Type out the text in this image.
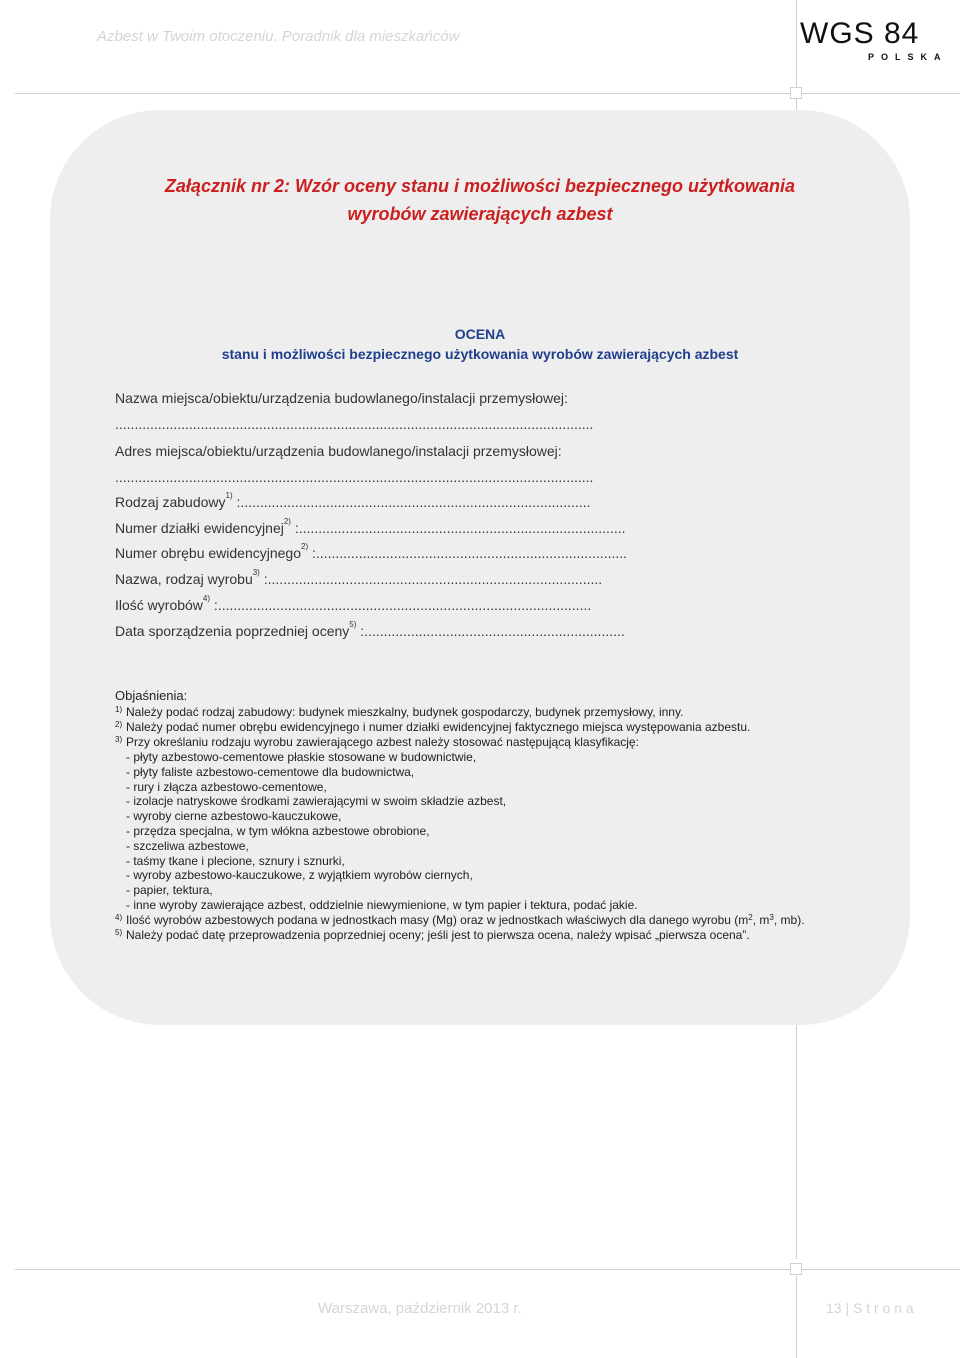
Azbest w Twoim otoczeniu. Poradnik dla mieszkańców	WGS 84
POLSKA
Załącznik nr 2: Wzór oceny stanu i możliwości bezpiecznego użytkowania
wyrobów zawierających azbest
OCENA
stanu i możliwości bezpiecznego użytkowania wyrobów zawierających azbest
Nazwa miejsca/obiektu/urządzenia budowlanego/instalacji przemysłowej:
...........................................................................................................................
Adres miejsca/obiektu/urządzenia budowlanego/instalacji przemysłowej:
...........................................................................................................................
Rodzaj zabudowy$^{1)}$ :..........................................................................................
Numer działki ewidencyjnej$^{2)}$ :....................................................................................
Numer obrębu ewidencyjnego$^{2)}$ :................................................................................
Nazwa, rodzaj wyrobu$^{3)}$ :......................................................................................
Ilość wyrobów$^{4)}$ :................................................................................................
Data sporządzenia poprzedniej oceny$^{5)}$ :...................................................................
Objaśnienia:
1) Należy podać rodzaj zabudowy: budynek mieszkalny, budynek gospodarczy, budynek przemysłowy, inny.
2) Należy podać numer obrębu ewidencyjnego i numer działki ewidencyjnej faktycznego miejsca występowania azbestu.
3) Przy określaniu rodzaju wyrobu zawierającego azbest należy stosować następującą klasyfikację:
- płyty azbestowo-cementowe płaskie stosowane w budownictwie,
- płyty faliste azbestowo-cementowe dla budownictwa,
- rury i złącza azbestowo-cementowe,
- izolacje natryskowe środkami zawierającymi w swoim składzie azbest,
- wyroby cierne azbestowo-kauczukowe,
- przędza specjalna, w tym włókna azbestowe obrobione,
- szczeliwa azbestowe,
- taśmy tkane i plecione, sznury i sznurki,
- wyroby azbestowo-kauczukowe, z wyjątkiem wyrobów ciernych,
- papier, tektura,
- inne wyroby zawierające azbest, oddzielnie niewymienione, w tym papier i tektura, podać jakie.
4) Ilość wyrobów azbestowych podana w jednostkach masy (Mg) oraz w jednostkach właściwych dla danego wyrobu ($m^2$, $m^3$, mb).
5) Należy podać datę przeprowadzenia poprzedniej oceny; jeśli jest to pierwsza ocena, należy wpisać „pierwsza ocena”.
Warszawa, październik 2013 r.	13 | S t r o n a
